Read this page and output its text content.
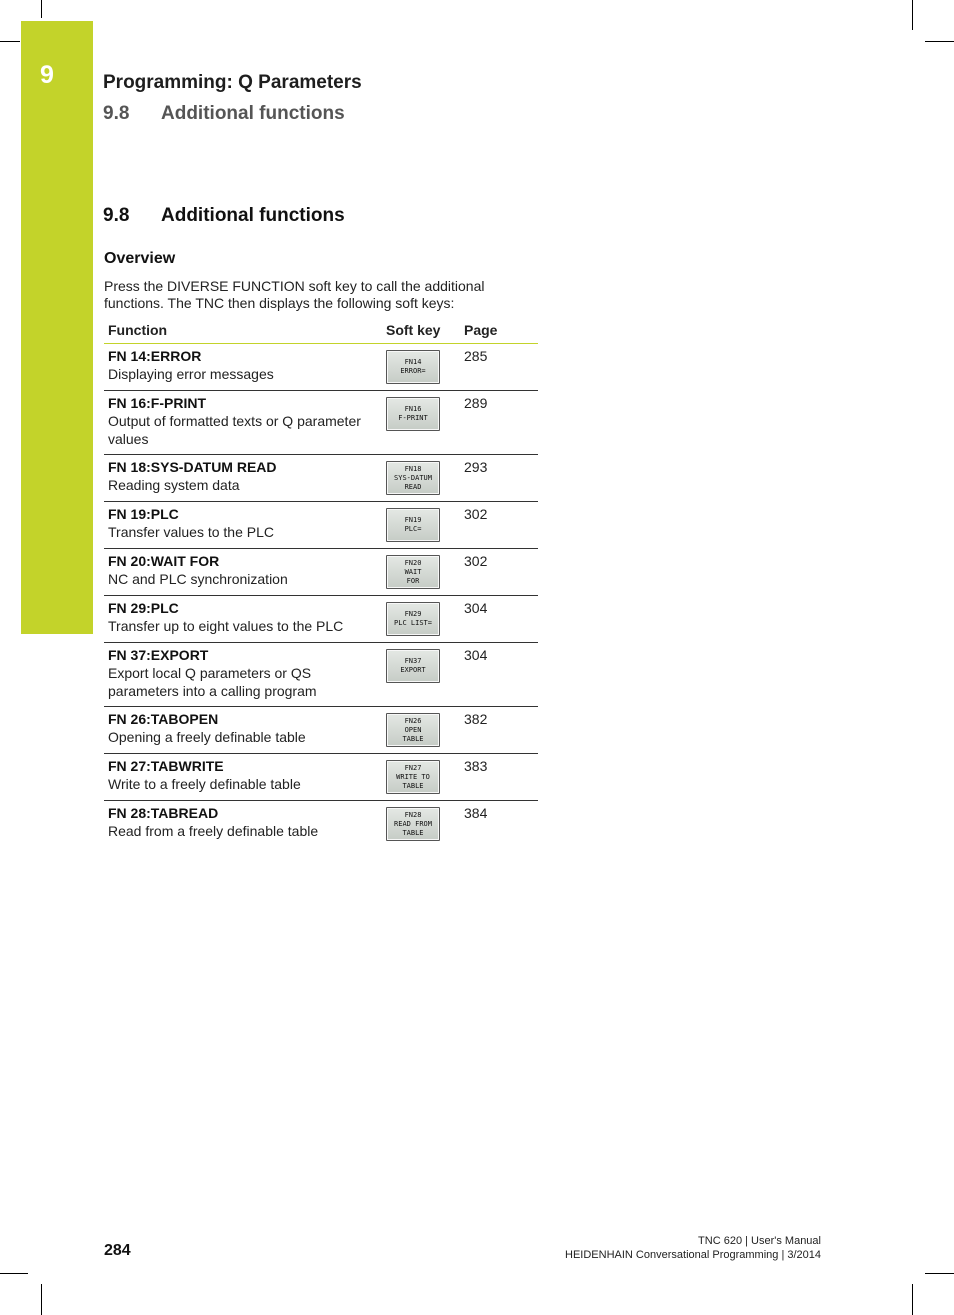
9	Programming: Q Parameters
9.8 Additional functions
9.8 Additional functions
Overview
Press the DIVERSE FUNCTION soft key to call the additional functions. The TNC then displays the following soft keys:
Function	Soft key	Page

FN 14:ERROR
Displaying error messages	FN14
ERROR=	285

FN 16:F-PRINT
Output of formatted texts or Q parameter values	FN16
F-PRINT	289

FN 18:SYS-DATUM READ
Reading system data	FN18
SYS-DATUM
READ	293

FN 19:PLC
Transfer values to the PLC	FN19
PLC=	302

FN 20:WAIT FOR
NC and PLC synchronization	FN20
WAIT
FOR	302

FN 29:PLC
Transfer up to eight values to the PLC	FN29
PLC LIST=	304

FN 37:EXPORT
Export local Q parameters or QS parameters into a calling program	FN37
EXPORT	304

FN 26:TABOPEN
Opening a freely definable table	FN26
OPEN
TABLE	382

FN 27:TABWRITE
Write to a freely definable table	FN27
WRITE TO
TABLE	383

FN 28:TABREAD
Read from a freely definable table	FN28
READ FROM
TABLE	384
284
TNC 620 | User's Manual
HEIDENHAIN Conversational Programming | 3/2014
